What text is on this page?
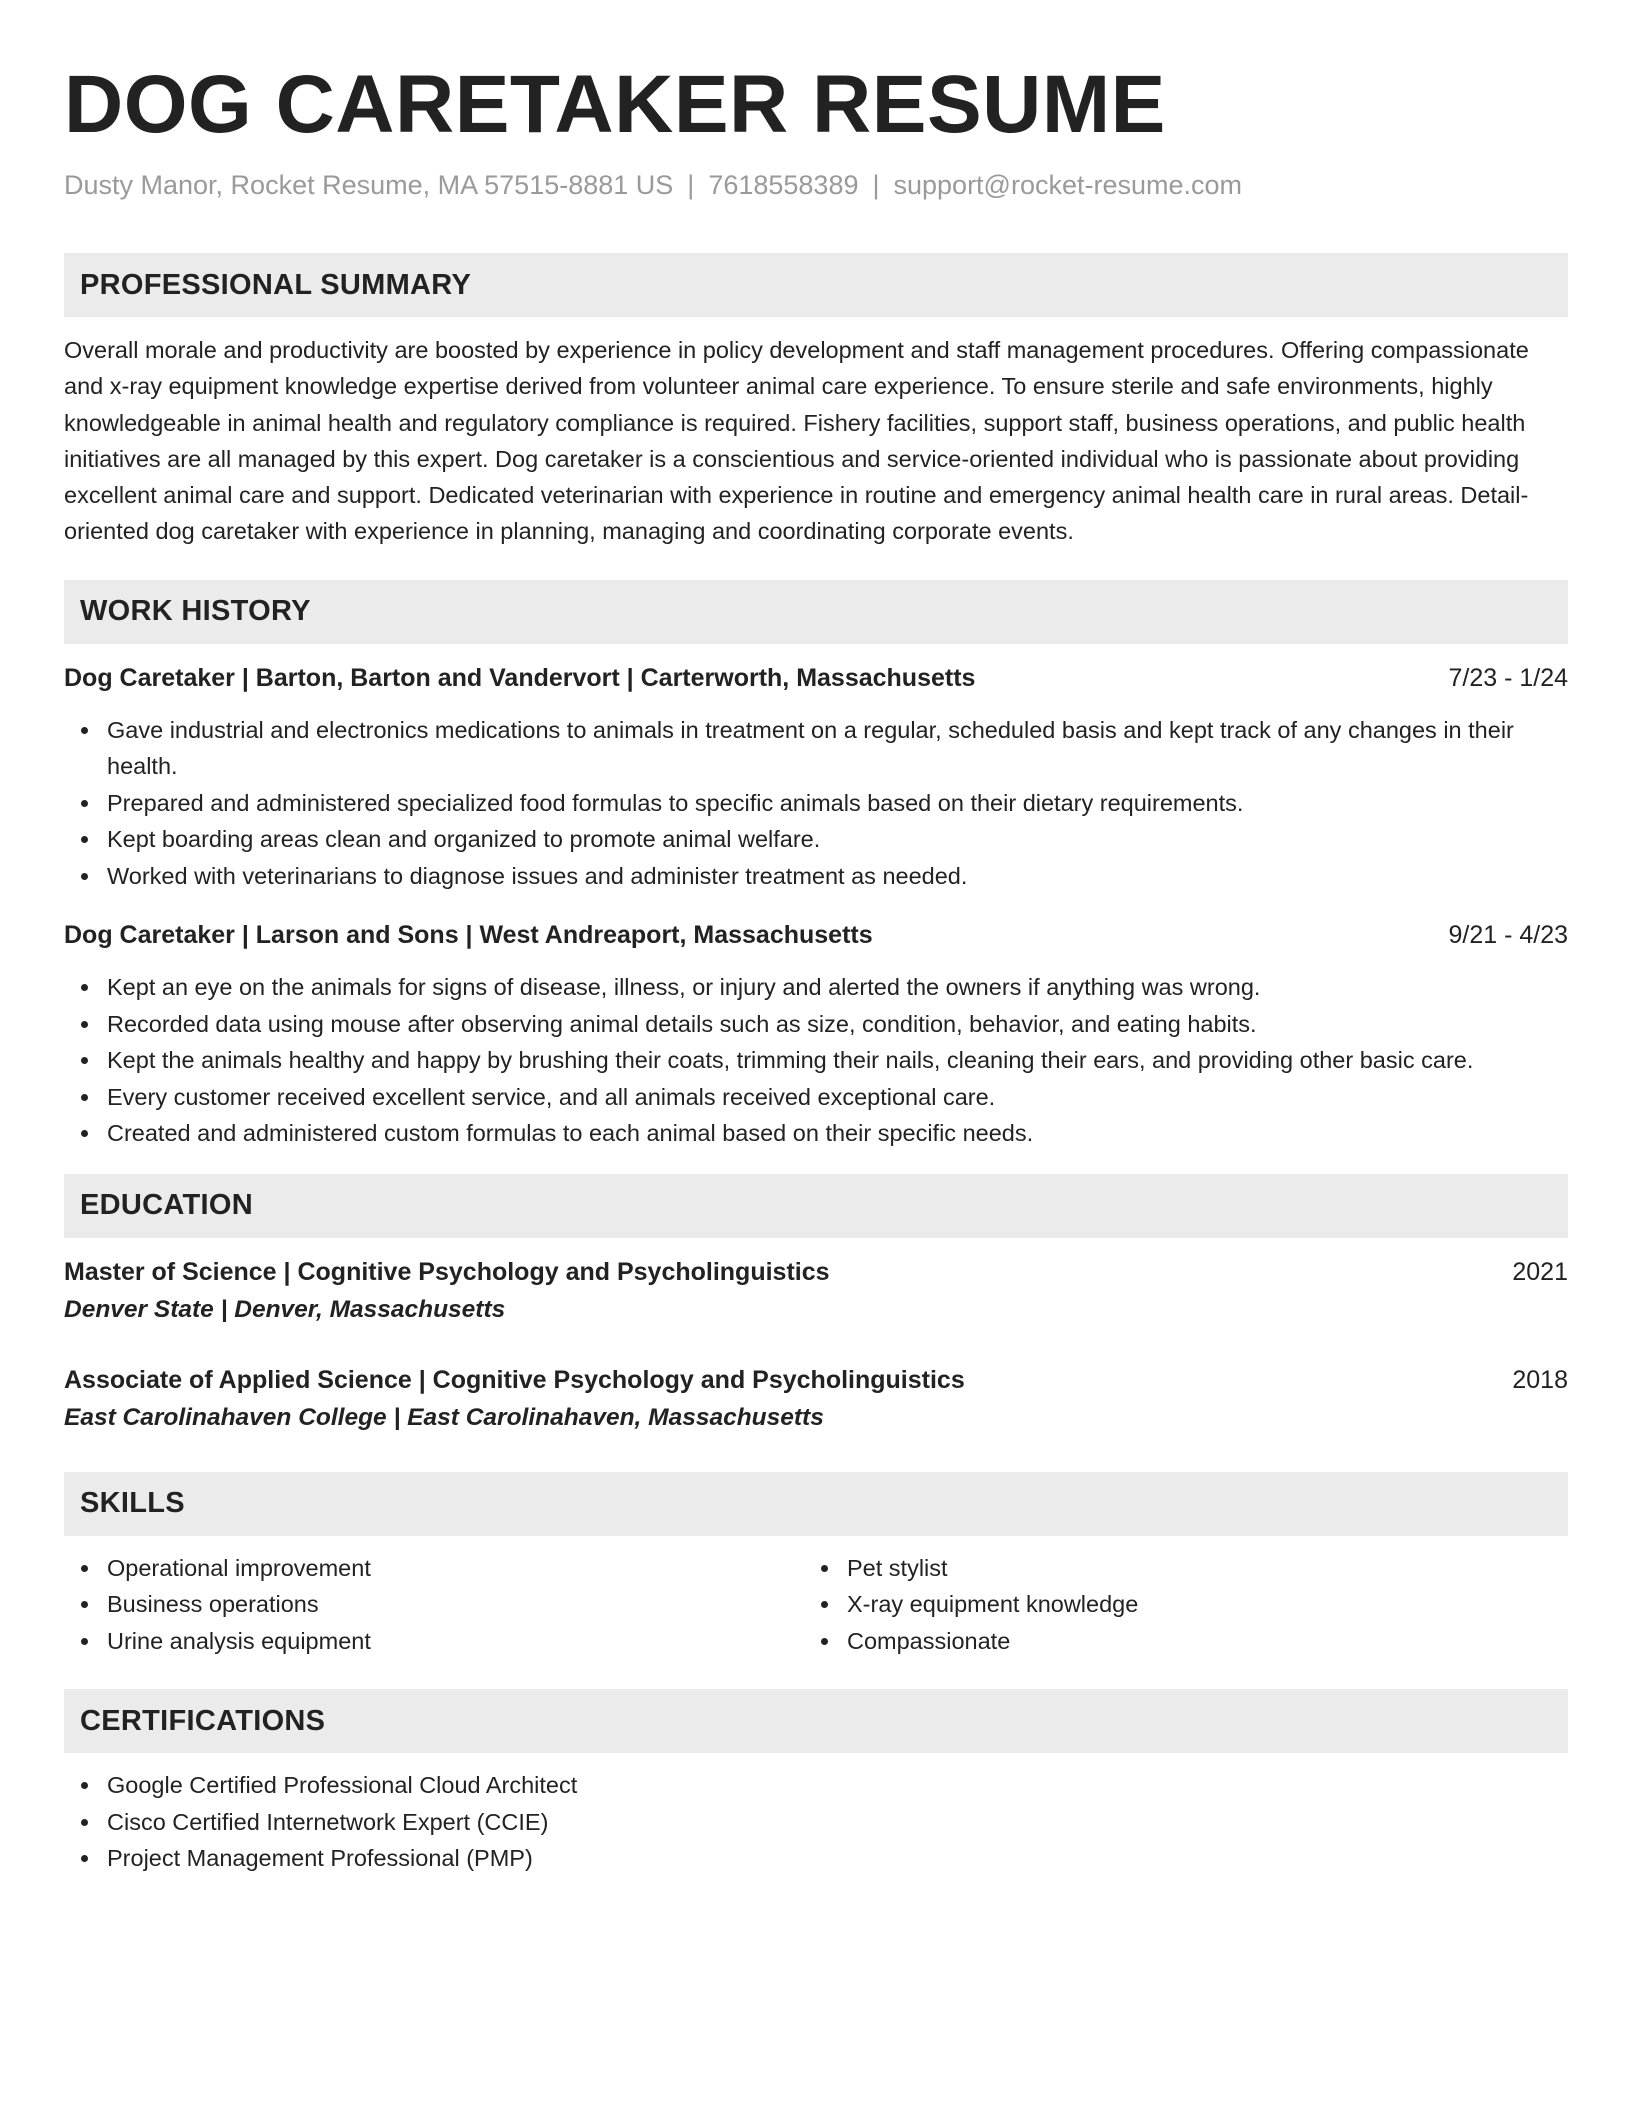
DOG CARETAKER RESUME
Dusty Manor, Rocket Resume, MA 57515-8881 US | 7618558389 | support@rocket-resume.com
PROFESSIONAL SUMMARY
Overall morale and productivity are boosted by experience in policy development and staff management procedures. Offering compassionate and x-ray equipment knowledge expertise derived from volunteer animal care experience. To ensure sterile and safe environments, highly knowledgeable in animal health and regulatory compliance is required. Fishery facilities, support staff, business operations, and public health initiatives are all managed by this expert. Dog caretaker is a conscientious and service-oriented individual who is passionate about providing excellent animal care and support. Dedicated veterinarian with experience in routine and emergency animal health care in rural areas. Detail-oriented dog caretaker with experience in planning, managing and coordinating corporate events.
WORK HISTORY
Dog Caretaker | Barton, Barton and Vandervort | Carterworth, Massachusetts	7/23 - 1/24
Gave industrial and electronics medications to animals in treatment on a regular, scheduled basis and kept track of any changes in their health.
Prepared and administered specialized food formulas to specific animals based on their dietary requirements.
Kept boarding areas clean and organized to promote animal welfare.
Worked with veterinarians to diagnose issues and administer treatment as needed.
Dog Caretaker | Larson and Sons | West Andreaport, Massachusetts	9/21 - 4/23
Kept an eye on the animals for signs of disease, illness, or injury and alerted the owners if anything was wrong.
Recorded data using mouse after observing animal details such as size, condition, behavior, and eating habits.
Kept the animals healthy and happy by brushing their coats, trimming their nails, cleaning their ears, and providing other basic care.
Every customer received excellent service, and all animals received exceptional care.
Created and administered custom formulas to each animal based on their specific needs.
EDUCATION
Master of Science | Cognitive Psychology and Psycholinguistics	2021
Denver State | Denver, Massachusetts
Associate of Applied Science | Cognitive Psychology and Psycholinguistics	2018
East Carolinahaven College | East Carolinahaven, Massachusetts
SKILLS
Operational improvement
Business operations
Urine analysis equipment
Pet stylist
X-ray equipment knowledge
Compassionate
CERTIFICATIONS
Google Certified Professional Cloud Architect
Cisco Certified Internetwork Expert (CCIE)
Project Management Professional (PMP)
